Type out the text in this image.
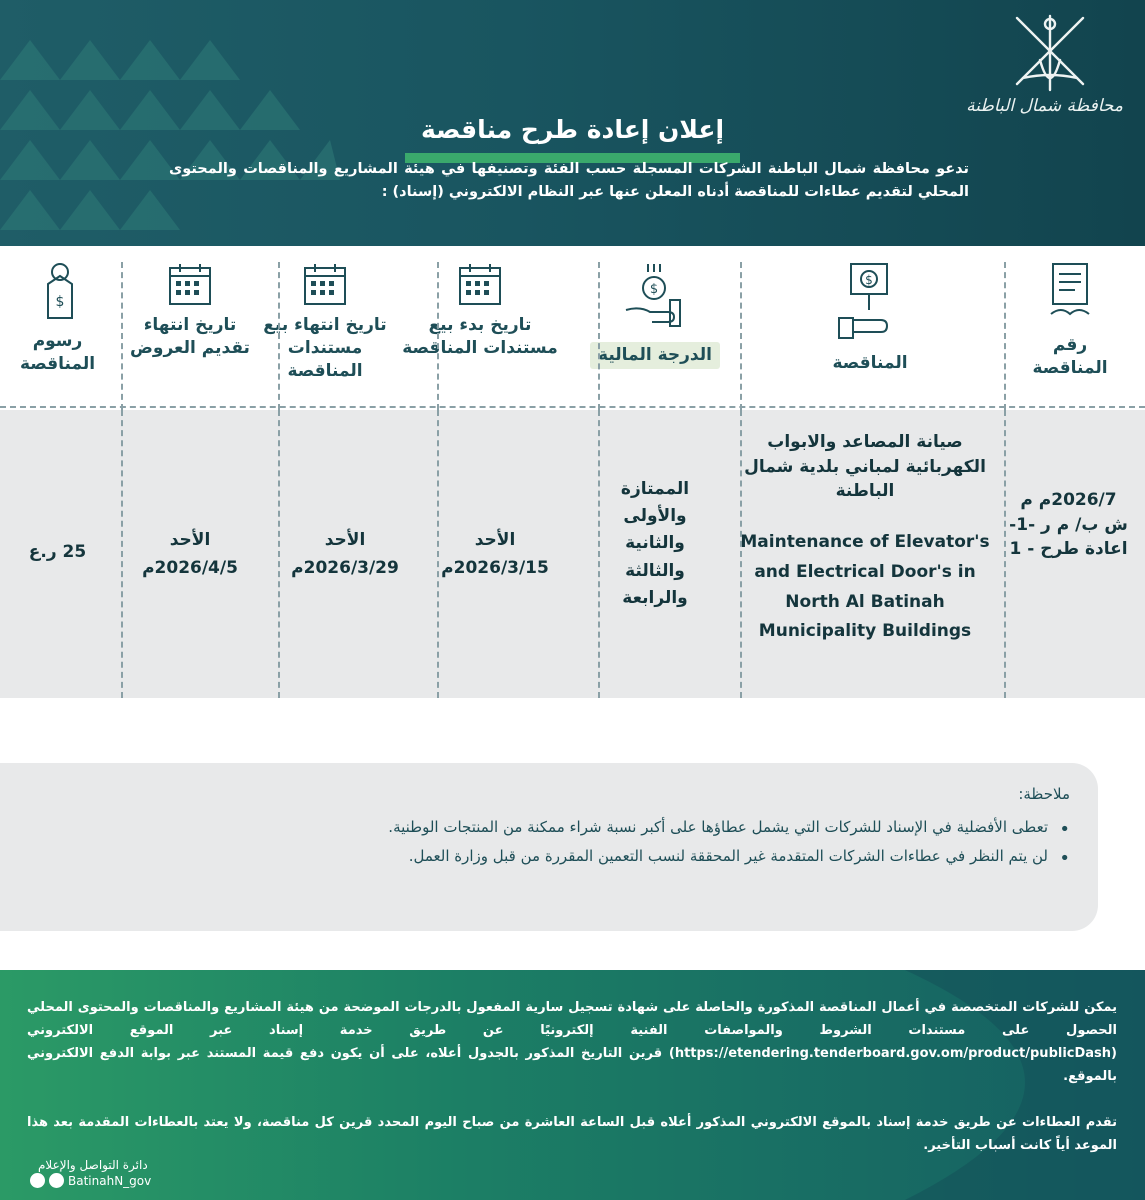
محافظة شمال الباطنة
إعلان إعادة طرح مناقصة

تدعو محافظة شمال الباطنة الشركات المسجلة حسب الفئة وتصنيفها في هيئة المشاريع والمناقصات والمحتوى المحلي لتقديم عطاءات للمناقصة أدناه المعلن عنها عبر النظام الالكتروني (إسناد) :

رقم المناقصة
$
المناقصة
$
الدرجة المالية
تاريخ بدء بيع مستندات المناقصة
تاريخ انتهاء بيع مستندات المناقصة
تاريخ انتهاء تقديم العروض
$
رسوم المناقصة
2026/7م م ش ب/ م ر -1- اعادة طرح - 1
صيانة المصاعد والابواب الكهربائية لمباني بلدية شمال الباطنة
Maintenance of Elevator's and Electrical Door's in North Al Batinah Municipality Buildings
الممتازة والأولى والثانية والثالثة والرابعة
الأحد
2026/3/15م
الأحد
2026/3/29م
الأحد
2026/4/5م
25 ر.ع
ملاحظة:
• تعطى الأفضلية في الإسناد للشركات التي يشمل عطاؤها على أكبر نسبة شراء ممكنة من المنتجات الوطنية.
• لن يتم النظر في عطاءات الشركات المتقدمة غير المحققة لنسب التعمين المقررة من قبل وزارة العمل.

يمكن للشركات المتخصصة في أعمال المناقصة المذكورة والحاصلة على شهادة تسجيل سارية المفعول بالدرجات الموضحة من هيئة المشاريع والمناقصات والمحتوى المحلي الحصول على مستندات الشروط والمواصفات الفنية إلكترونيًا عن طريق خدمة إسناد عبر الموقع الالكتروني (https://etendering.tenderboard.gov.om/product/publicDash) قرين التاريخ المذكور بالجدول أعلاه، على أن يكون دفع قيمة المستند عبر بوابة الدفع الالكتروني بالموقع.

تقدم العطاءات عن طريق خدمة إسناد بالموقع الالكتروني المذكور أعلاه قبل الساعة العاشرة من صباح اليوم المحدد قرين كل مناقصة، ولا يعتد بالعطاءات المقدمة بعد هذا الموعد أياً كانت أسباب التأخير.

دائرة التواصل والإعلام
BatinahN_gov
